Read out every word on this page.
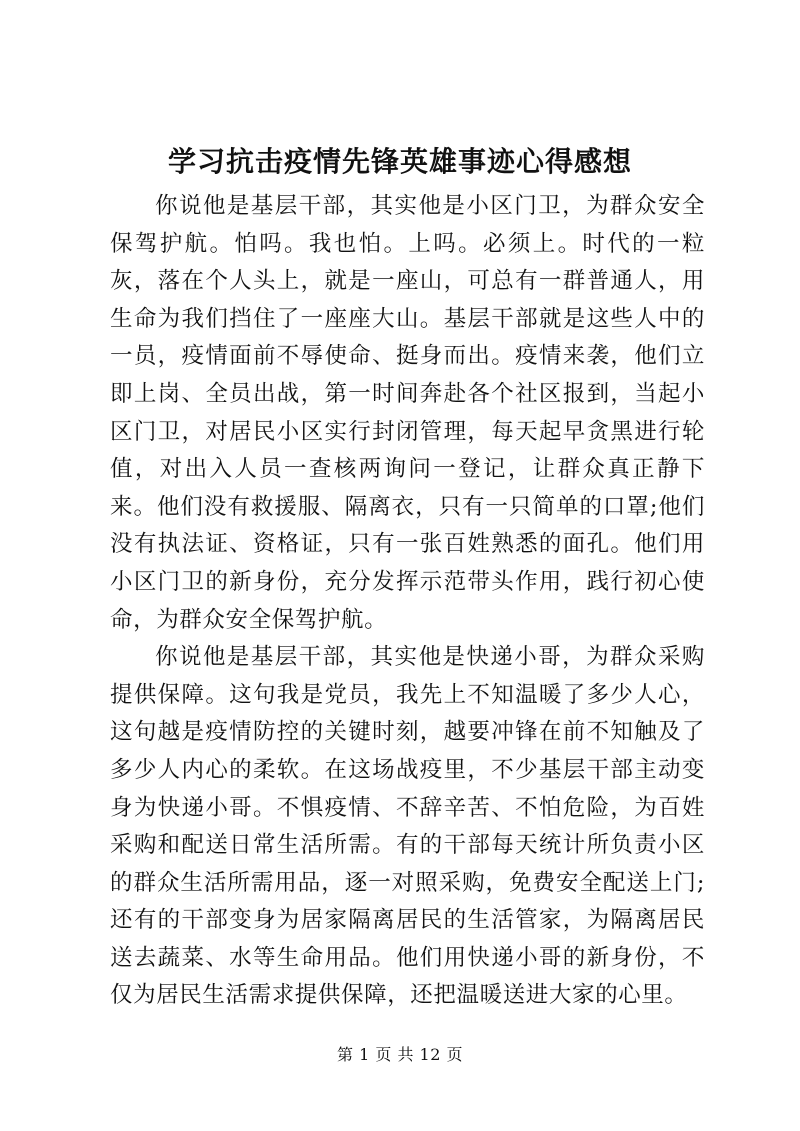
学习抗击疫情先锋英雄事迹心得感想

你说他是基层干部，其实他是小区门卫，为群众安全保驾护航。怕吗。我也怕。上吗。必须上。时代的一粒灰，落在个人头上，就是一座山，可总有一群普通人，用生命为我们挡住了一座座大山。基层干部就是这些人中的一员，疫情面前不辱使命、挺身而出。疫情来袭，他们立即上岗、全员出战，第一时间奔赴各个社区报到，当起小区门卫，对居民小区实行封闭管理，每天起早贪黑进行轮值，对出入人员一查核两询问一登记，让群众真正静下来。他们没有救援服、隔离衣，只有一只简单的口罩;他们没有执法证、资格证，只有一张百姓熟悉的面孔。他们用小区门卫的新身份，充分发挥示范带头作用，践行初心使命，为群众安全保驾护航。

你说他是基层干部，其实他是快递小哥，为群众采购提供保障。这句我是党员，我先上不知温暖了多少人心，这句越是疫情防控的关键时刻，越要冲锋在前不知触及了多少人内心的柔软。在这场战疫里，不少基层干部主动变身为快递小哥。不惧疫情、不辞辛苦、不怕危险，为百姓采购和配送日常生活所需。有的干部每天统计所负责小区的群众生活所需用品，逐一对照采购，免费安全配送上门;还有的干部变身为居家隔离居民的生活管家，为隔离居民送去蔬菜、水等生命用品。他们用快递小哥的新身份，不仅为居民生活需求提供保障，还把温暖送进大家的心里。

第 1 页 共 12 页
